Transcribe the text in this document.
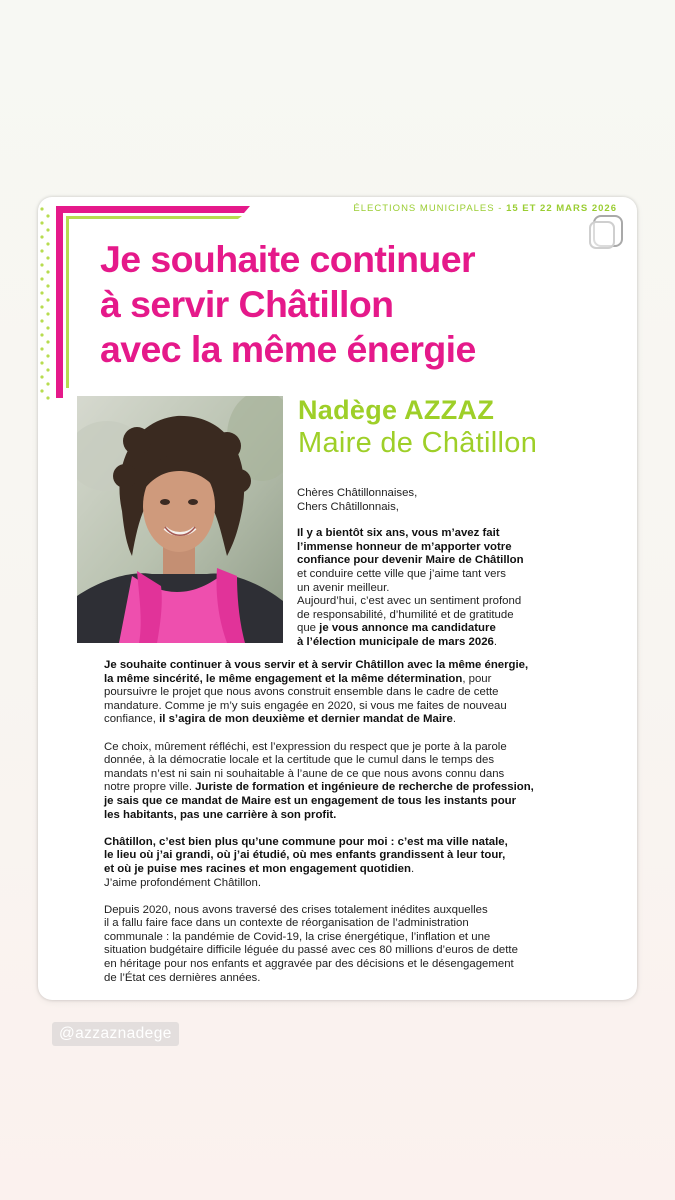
ÉLECTIONS MUNICIPALES - 15 ET 22 MARS 2026
Je souhaite continuer
à servir Châtillon
avec la même énergie
Nadège AZZAZ
Maire de Châtillon

Chères Châtillonnaises,
Chers Châtillonnais,

Il y a bientôt six ans, vous m’avez fait
l’immense honneur de m’apporter votre
confiance pour devenir Maire de Châtillon
et conduire cette ville que j’aime tant vers
un avenir meilleur.
Aujourd’hui, c’est avec un sentiment profond
de responsabilité, d’humilité et de gratitude
que je vous annonce ma candidature
à l’élection municipale de mars 2026.

Je souhaite continuer à vous servir et à servir Châtillon avec la même énergie,
la même sincérité, le même engagement et la même détermination, pour
poursuivre le projet que nous avons construit ensemble dans le cadre de cette
mandature. Comme je m’y suis engagée en 2020, si vous me faites de nouveau
confiance, il s’agira de mon deuxième et dernier mandat de Maire.

Ce choix, mûrement réfléchi, est l’expression du respect que je porte à la parole
donnée, à la démocratie locale et la certitude que le cumul dans le temps des
mandats n’est ni sain ni souhaitable à l’aune de ce que nous avons connu dans
notre propre ville. Juriste de formation et ingénieure de recherche de profession,
je sais que ce mandat de Maire est un engagement de tous les instants pour
les habitants, pas une carrière à son profit.

Châtillon, c’est bien plus qu’une commune pour moi : c’est ma ville natale,
le lieu où j’ai grandi, où j’ai étudié, où mes enfants grandissent à leur tour,
et où je puise mes racines et mon engagement quotidien.
J’aime profondément Châtillon.

Depuis 2020, nous avons traversé des crises totalement inédites auxquelles
il a fallu faire face dans un contexte de réorganisation de l’administration
communale : la pandémie de Covid-19, la crise énergétique, l’inflation et une
situation budgétaire difficile léguée du passé avec ces 80 millions d’euros de dette
en héritage pour nos enfants et aggravée par des décisions et le désengagement
de l’État ces dernières années.

@azzaznadege
